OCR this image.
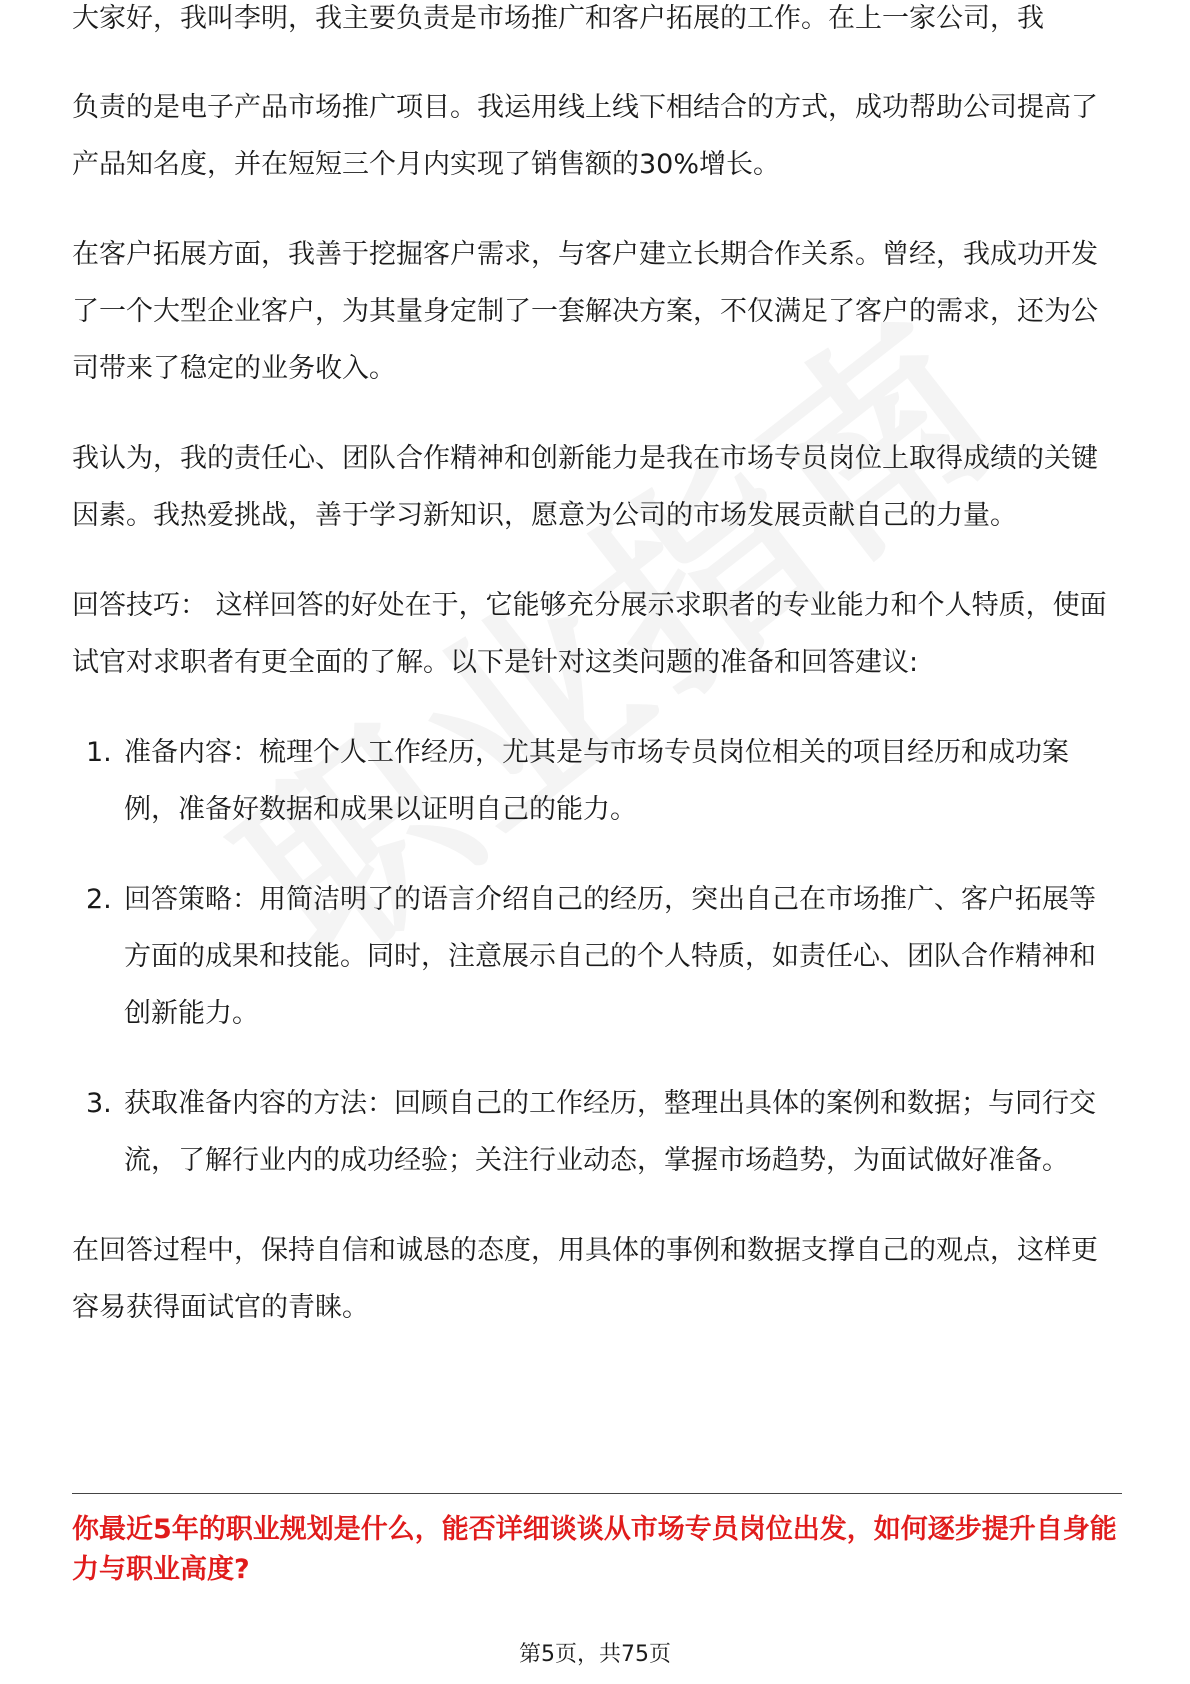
大家好，我叫李明，我主要负责是市场推广和客户拓展的工作。在上一家公司，我

负责的是电子产品市场推广项目。我运用线上线下相结合的方式，成功帮助公司提高了产品知名度，并在短短三个月内实现了销售额的30%增长。

在客户拓展方面，我善于挖掘客户需求，与客户建立长期合作关系。曾经，我成功开发了一个大型企业客户，为其量身定制了一套解决方案，不仅满足了客户的需求，还为公司带来了稳定的业务收入。

我认为，我的责任心、团队合作精神和创新能力是我在市场专员岗位上取得成绩的关键因素。我热爱挑战，善于学习新知识，愿意为公司的市场发展贡献自己的力量。

回答技巧： 这样回答的好处在于，它能够充分展示求职者的专业能力和个人特质，使面试官对求职者有更全面的了解。以下是针对这类问题的准备和回答建议:

1. 准备内容：梳理个人工作经历，尤其是与市场专员岗位相关的项目经历和成功案例，准备好数据和成果以证明自己的能力。
2. 回答策略：用简洁明了的语言介绍自己的经历，突出自己在市场推广、客户拓展等方面的成果和技能。同时，注意展示自己的个人特质，如责任心、团队合作精神和创新能力。
3. 获取准备内容的方法：回顾自己的工作经历，整理出具体的案例和数据；与同行交流，了解行业内的成功经验；关注行业动态，掌握市场趋势，为面试做好准备。

在回答过程中，保持自信和诚恳的态度，用具体的事例和数据支撑自己的观点，这样更容易获得面试官的青睐。

你最近5年的职业规划是什么，能否详细谈谈从市场专员岗位出发，如何逐步提升自身能力与职业高度?
第5页，共75页
